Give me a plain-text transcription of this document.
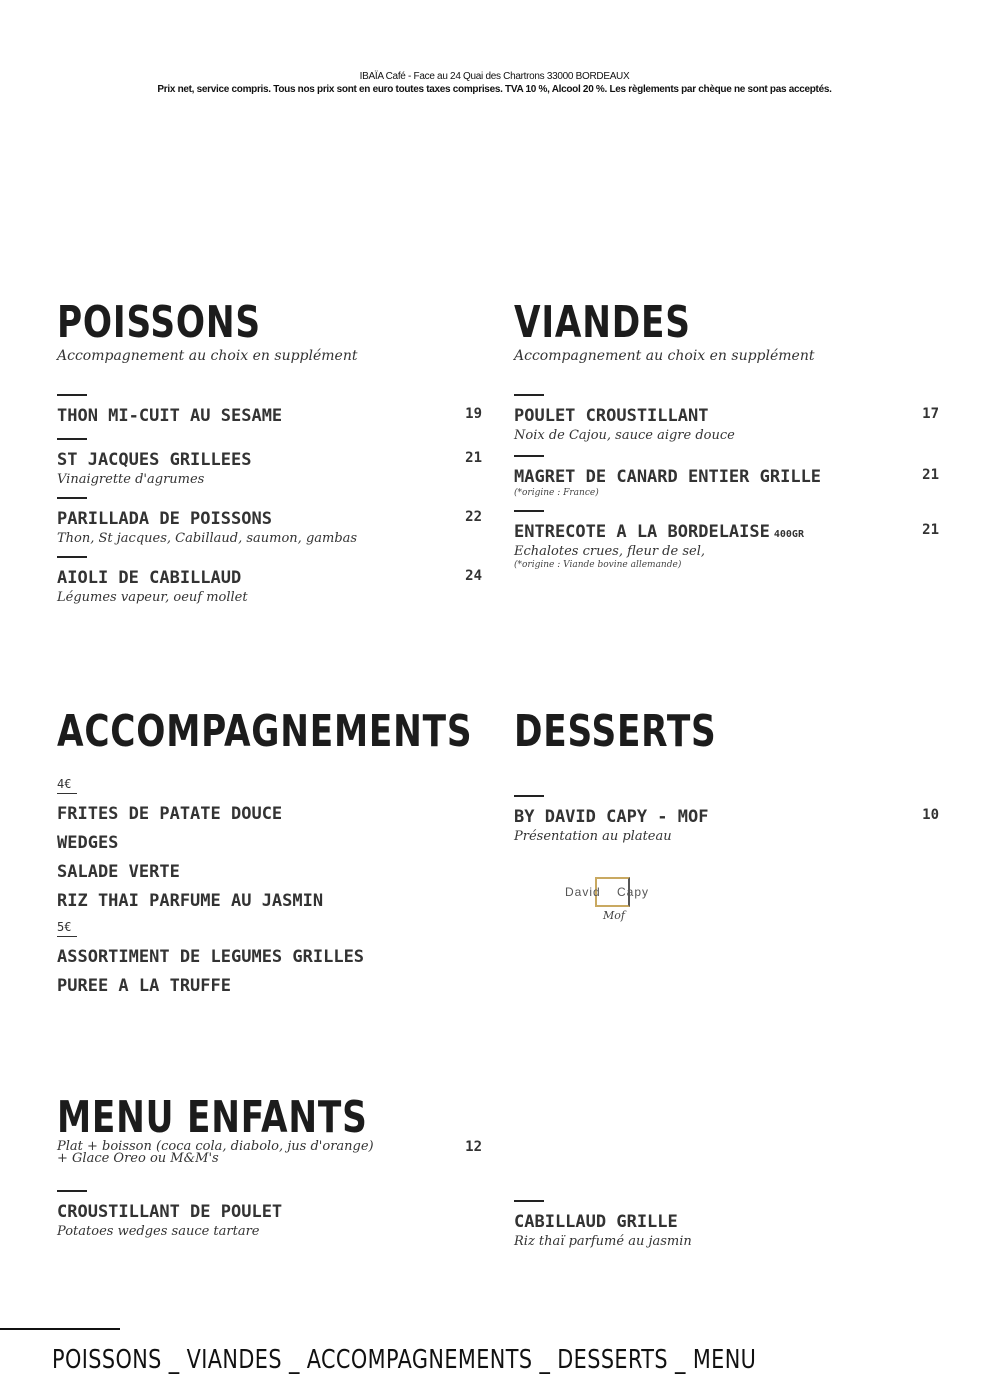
IBAÏA Café - Face au 24 Quai des Chartrons 33000 BORDEAUX
Prix net, service compris. Tous nos prix sont en euro toutes taxes comprises. TVA 10 %, Alcool 20 %. Les règlements par chèque ne sont pas acceptés.
POISSONS
Accompagnement au choix en supplément
THON MI-CUIT AU SESAME	19
ST JACQUES GRILLEES
Vinaigrette d'agrumes
21
PARILLADA DE POISSONS
Thon, St jacques, Cabillaud, saumon, gambas
22
AIOLI DE CABILLAUD
Légumes vapeur, oeuf mollet
24
VIANDES
Accompagnement au choix en supplément
POULET CROUSTILLANT
Noix de Cajou, sauce aigre douce
17
MAGRET DE CANARD ENTIER GRILLE
(*origine : France)
21
ENTRECOTE A LA BORDELAISE 400GR
Echalotes crues, fleur de sel,
(*origine : Viande bovine allemande)
21
ACCOMPAGNEMENTS
4€
FRITES DE PATATE DOUCE
WEDGES
SALADE VERTE
RIZ THAI PARFUME AU JASMIN
5€
ASSORTIMENT DE LEGUMES GRILLES
PUREE A LA TRUFFE
DESSERTS
BY DAVID CAPY - MOF
Présentation au plateau
10
David Capy
Mof
MENU ENFANTS
Plat + boisson (coca cola, diabolo, jus d'orange)
+ Glace Oreo ou M&M's
12
CROUSTILLANT DE POULET
Potatoes wedges sauce tartare	CABILLAUD GRILLE
Riz thaï parfumé au jasmin
POISSONS _ VIANDES _ ACCOMPAGNEMENTS _ DESSERTS _ MENU
